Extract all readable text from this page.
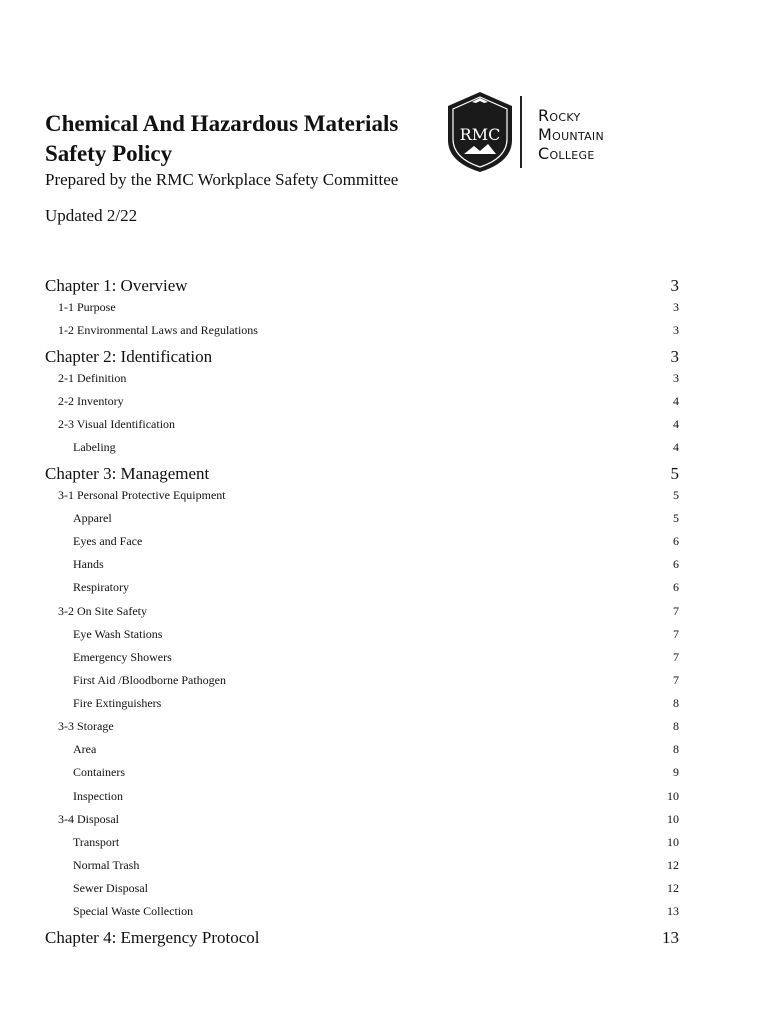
Chemical And Hazardous Materials Safety Policy
Prepared by the RMC Workplace Safety Committee
Updated 2/22
RMC
Rocky
Mountain
College
Chapter 1: Overview	3
1-1 Purpose	3
1-2 Environmental Laws and Regulations	3
Chapter 2: Identification	3
2-1 Definition	3
2-2 Inventory	4
2-3 Visual Identification	4
Labeling	4
Chapter 3: Management	5
3-1 Personal Protective Equipment	5
Apparel	5
Eyes and Face	6
Hands	6
Respiratory	6
3-2 On Site Safety	7
Eye Wash Stations	7
Emergency Showers	7
First Aid /Bloodborne Pathogen	7
Fire Extinguishers	8
3-3 Storage	8
Area	8
Containers	9
Inspection	10
3-4 Disposal	10
Transport	10
Normal Trash	12
Sewer Disposal	12
Special Waste Collection	13
Chapter 4: Emergency Protocol	13
